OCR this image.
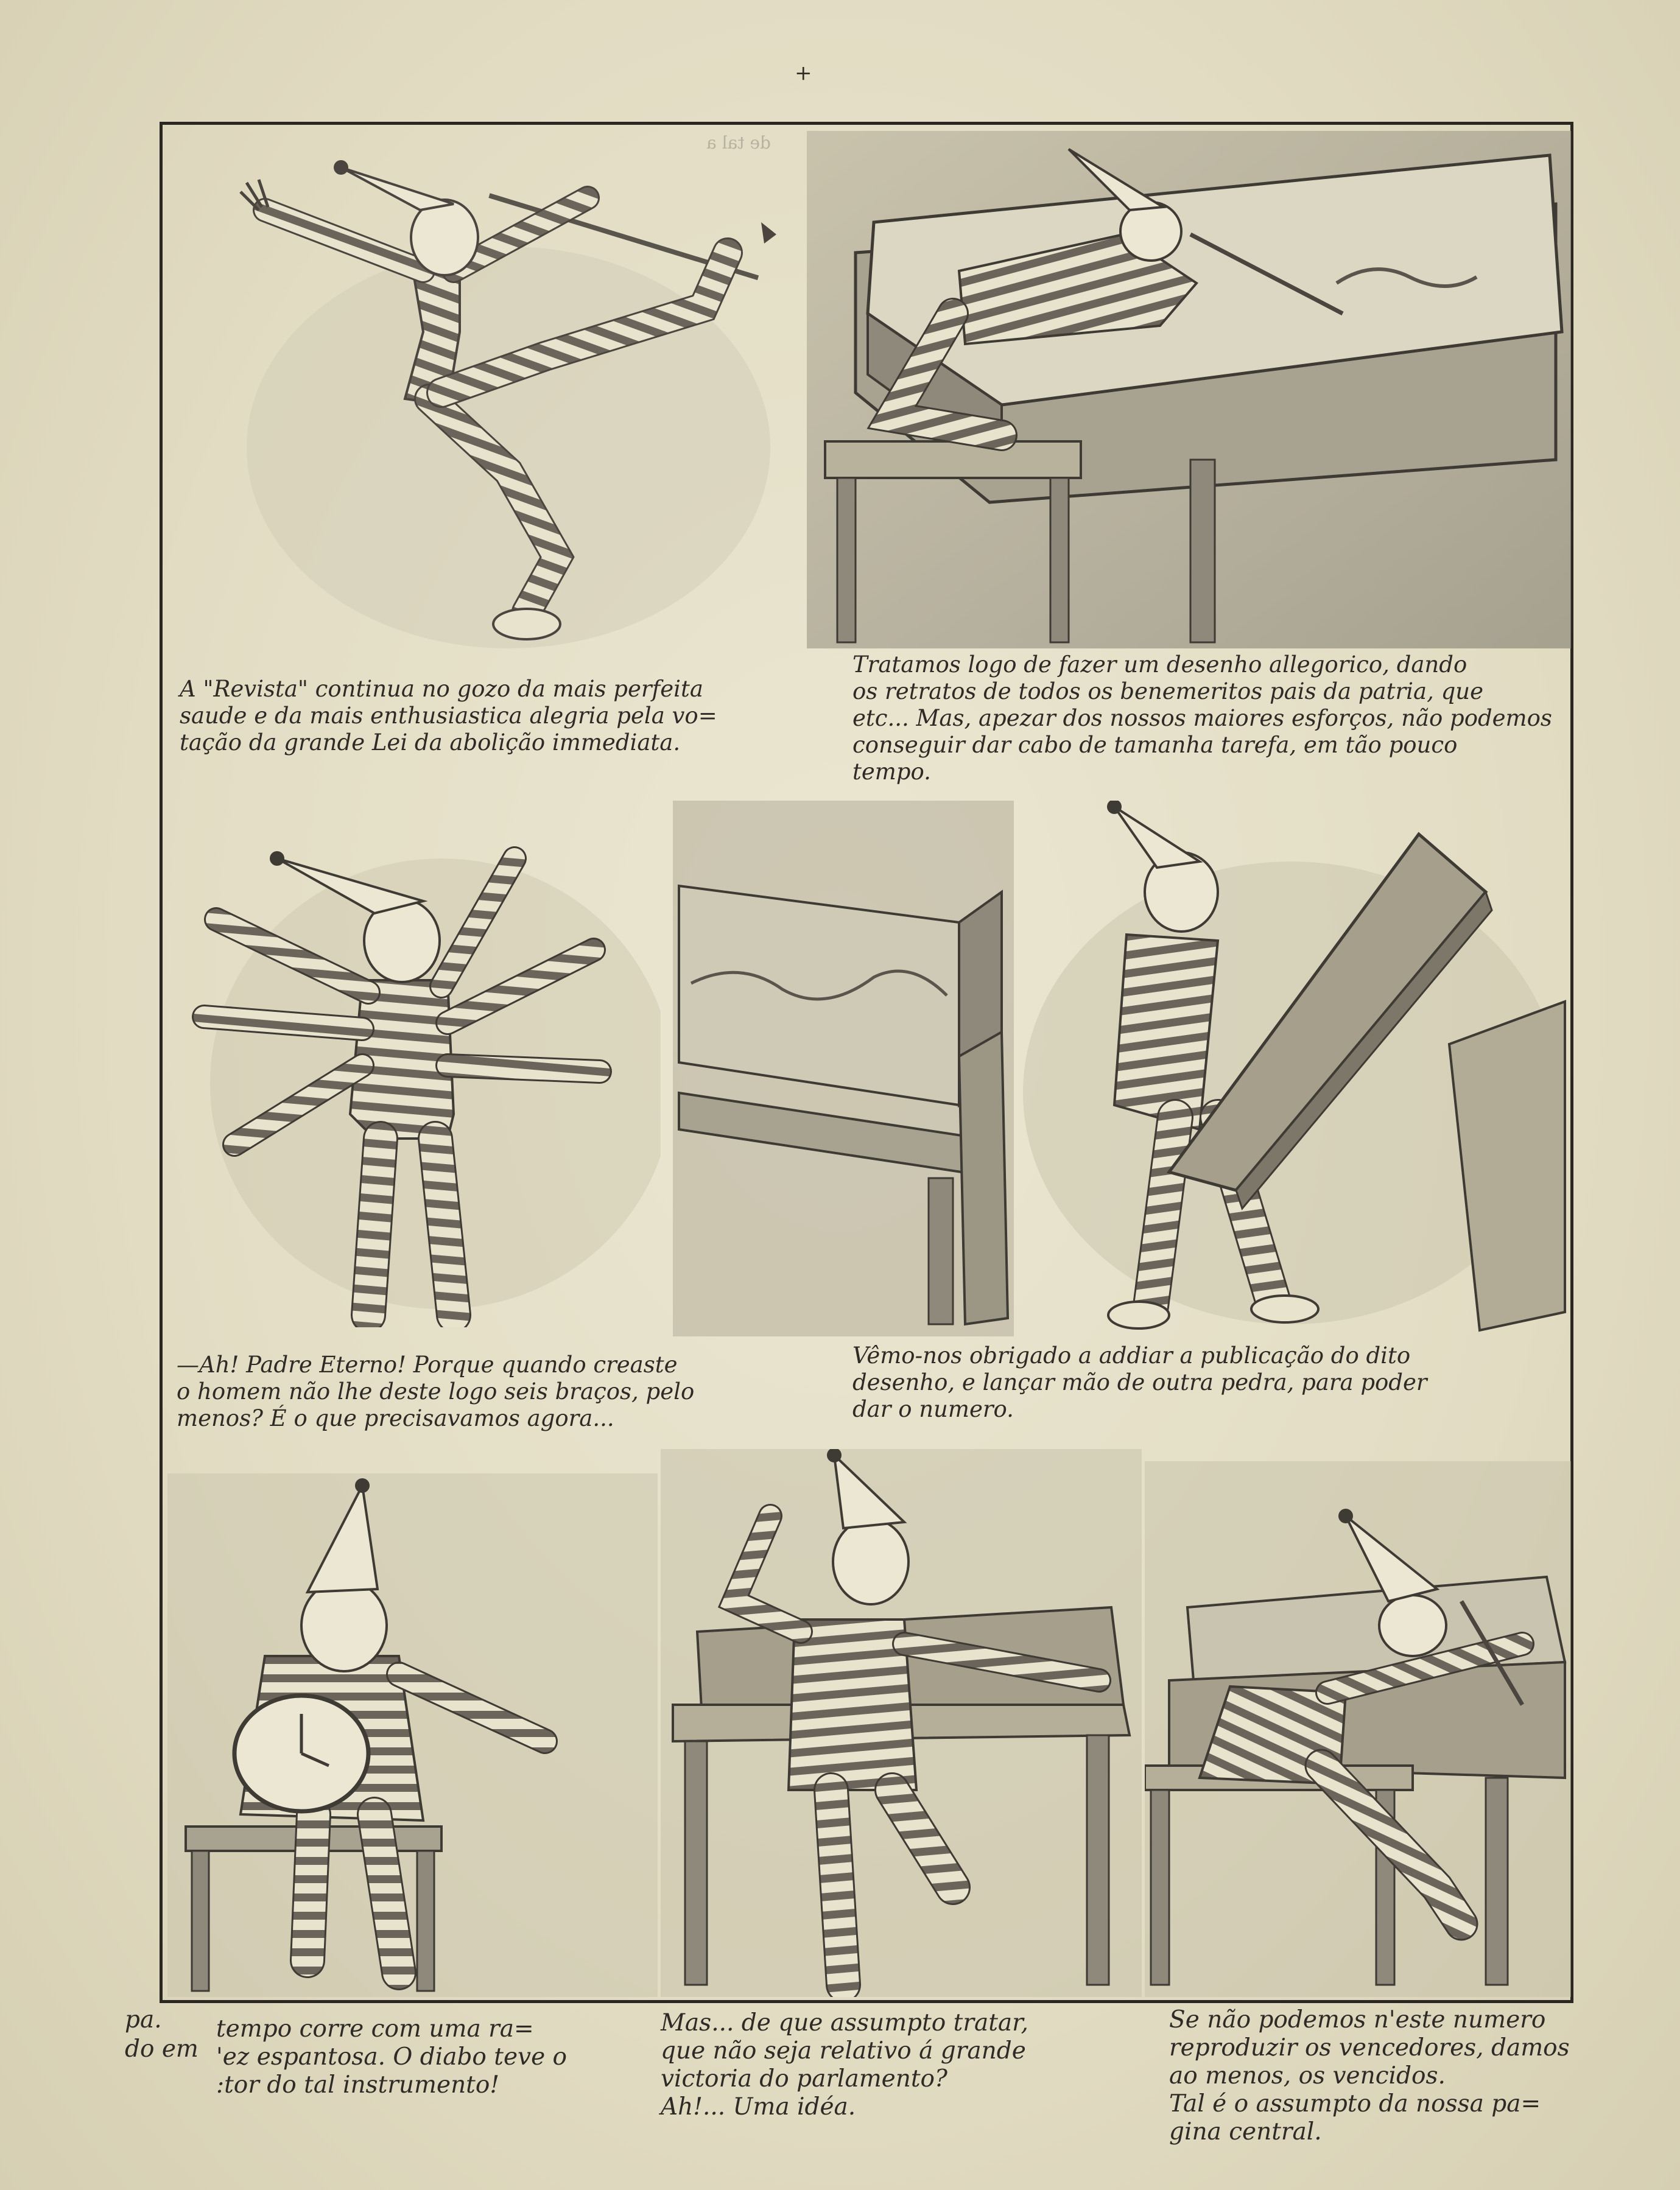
+
de tal a

A "Revista" continua no gozo da mais perfeita
saude e da mais enthusiastica alegria pela vo=
tação da grande Lei da abolição immediata.

Tratamos logo de fazer um desenho allegorico, dando
os retratos de todos os benemeritos pais da patria, que
etc... Mas, apezar dos nossos maiores esforços, não podemos
conseguir dar cabo de tamanha tarefa, em tão pouco
tempo.

—Ah! Padre Eterno! Porque quando creaste
o homem não lhe deste logo seis braços, pelo
menos? É o que precisavamos agora...

Vêmo-nos obrigado a addiar a publicação do dito
desenho, e lançar mão de outra pedra, para poder
dar o numero.

pa.
do em

tempo corre com uma ra=
'ez espantosa. O diabo teve o
:tor do tal instrumento!

Mas... de que assumpto tratar,
que não seja relativo á grande
victoria do parlamento?
Ah!... Uma idéa.

Se não podemos n'este numero
reproduzir os vencedores, damos
ao menos, os vencidos.
Tal é o assumpto da nossa pa=
gina central.
